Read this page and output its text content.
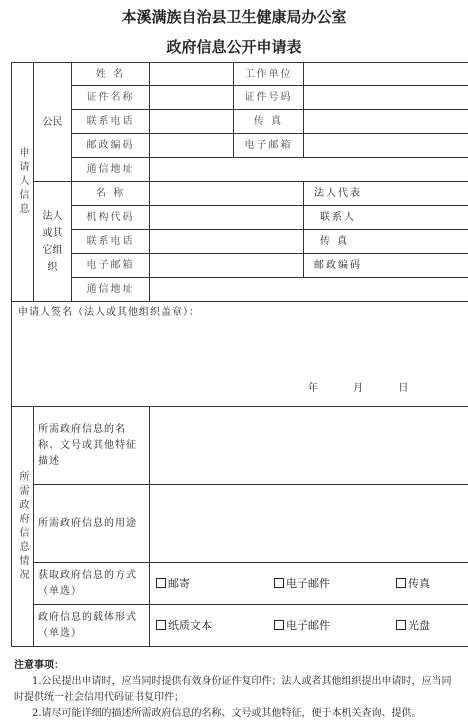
本溪满族自治县卫生健康局办公室
政府信息公开申请表
申请人信息	公民	姓 名		工作单位	
		证件名称		证件号码	
		联系电话		传 真	
		邮政编码		电子邮箱	
		通信地址			
	法人或其它组织	名 称			法人代表

		机构代码			联系人
		联系电话			传 真
		电子邮箱			邮政编码
		通信地址			

申请人签名（法人或其他组织盖章）：
年 月 日					

所需政府信息情况	所需政府信息的名称、文号或其他特征描述				
	所需政府信息的用途				
	获取政府信息的方式（单选）		邮寄 电子邮件 传真		
	政府信息的载体形式（单选）		纸质文本 电子邮件 光盘		
注意事项：

1.公民提出申请时，应当同时提供有效身份证件复印件；法人或者其他组织提出申请时，应当同时提供统一社会信用代码证书复印件；

2.请尽可能详细的描述所需政府信息的名称、文号或其他特征，便于本机关查询、提供。
